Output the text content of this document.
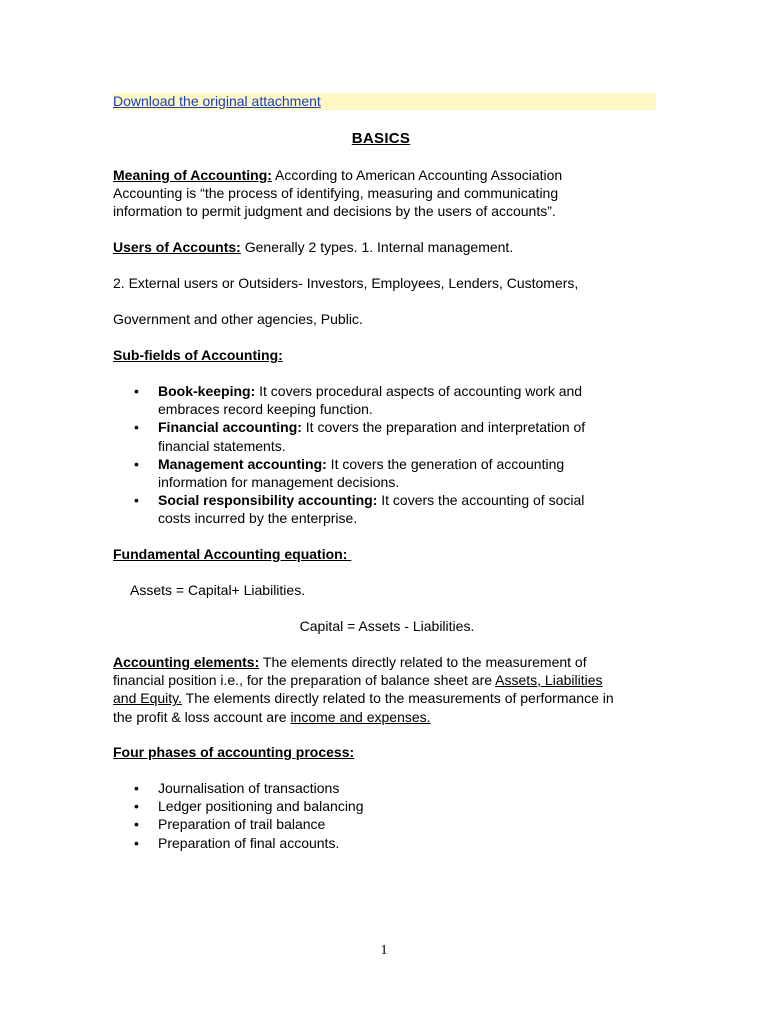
Download the original attachment
BASICS
Meaning of Accounting: According to American Accounting Association
Accounting is “the process of identifying, measuring and communicating
information to permit judgment and decisions by the users of accounts”.
Users of Accounts: Generally 2 types. 1. Internal management.
2. External users or Outsiders- Investors, Employees, Lenders, Customers,
Government and other agencies, Public.
Sub-fields of Accounting:
• Book-keeping: It covers procedural aspects of accounting work and
embraces record keeping function.
• Financial accounting: It covers the preparation and interpretation of
financial statements.
• Management accounting: It covers the generation of accounting
information for management decisions.
• Social responsibility accounting: It covers the accounting of social
costs incurred by the enterprise.
Fundamental Accounting equation:
Assets = Capital+ Liabilities.
Capital = Assets - Liabilities.
Accounting elements: The elements directly related to the measurement of
financial position i.e., for the preparation of balance sheet are Assets, Liabilities
and Equity. The elements directly related to the measurements of performance in
the profit & loss account are income and expenses.
Four phases of accounting process:
• Journalisation of transactions
• Ledger positioning and balancing
• Preparation of trail balance
• Preparation of final accounts.
1
